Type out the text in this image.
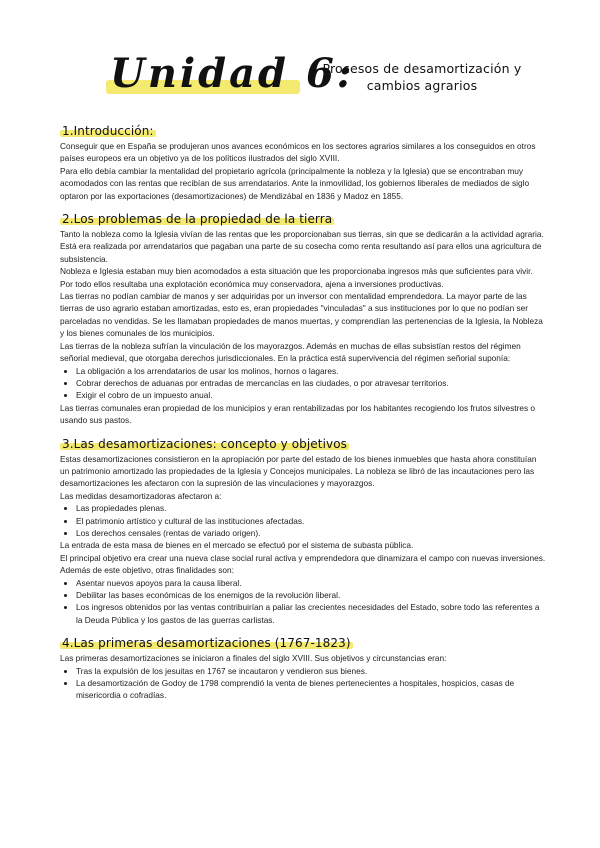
Unidad 6:
Procesos de desamortización y
cambios agrarios
1.Introducción:

Conseguir que en España se produjeran unos avances económicos en los sectores agrarios similares a los conseguidos en otros países europeos era un objetivo ya de los políticos ilustrados del siglo XVIII.

Para ello debía cambiar la mentalidad del propietario agrícola (principalmente la nobleza y la Iglesia) que se encontraban muy acomodados con las rentas que recibían de sus arrendatarios. Ante la inmovilidad, los gobiernos liberales de mediados de siglo optaron por las exportaciones (desamortizaciones) de Mendizábal en 1836 y Madoz en 1855.

2.Los problemas de la propiedad de la tierra

Tanto la nobleza como la Iglesia vivían de las rentas que les proporcionaban sus tierras, sin que se dedicarán a la actividad agraria. Está era realizada por arrendatarios que pagaban una parte de su cosecha como renta resultando así para ellos una agricultura de subsistencia.

Nobleza e Iglesia estaban muy bien acomodados a esta situación que les proporcionaba ingresos más que suficientes para vivir. Por todo ellos resultaba una explotación económica muy conservadora, ajena a inversiones productivas.

Las tierras no podían cambiar de manos y ser adquiridas por un inversor con mentalidad emprendedora. La mayor parte de las tierras de uso agrario estaban amortizadas, esto es, eran propiedades "vinculadas" a sus instituciones por lo que no podían ser parceladas no vendidas. Se les llamaban propiedades de manos muertas, y comprendían las pertenencias de la Iglesia, la Nobleza y los bienes comunales de los municipios.

Las tierras de la nobleza sufrían la vinculación de los mayorazgos. Además en muchas de ellas subsistían restos del régimen señorial medieval, que otorgaba derechos jurisdiccionales. En la práctica está supervivencia del régimen señorial suponía:

• La obligación a los arrendatarios de usar los molinos, hornos o lagares.
• Cobrar derechos de aduanas por entradas de mercancías en las ciudades, o por atravesar territorios.
• Exigir el cobro de un impuesto anual.

Las tierras comunales eran propiedad de los municipios y eran rentabilizadas por los habitantes recogiendo los frutos silvestres o usando sus pastos.

3.Las desamortizaciones: concepto y objetivos

Estas desamortizaciones consistieron en la apropiación por parte del estado de los bienes inmuebles que hasta ahora constituían un patrimonio amortizado las propiedades de la Iglesia y Concejos municipales. La nobleza se libró de las incautaciones pero las desamortizaciones les afectaron con la supresión de las vinculaciones y mayorazgos.

Las medidas desamortizadoras afectaron a:

• Las propiedades plenas.
• El patrimonio artístico y cultural de las instituciones afectadas.
• Los derechos censales (rentas de variado origen).

La entrada de esta masa de bienes en el mercado se efectuó por el sistema de subasta pública.

El principal objetivo era crear una nueva clase social rural activa y emprendedora que dinamizara el campo con nuevas inversiones. Además de este objetivo, otras finalidades son:

• Asentar nuevos apoyos para la causa liberal.
• Debilitar las bases económicas de los enemigos de la revolución liberal.
• Los ingresos obtenidos por las ventas contribuirían a paliar las crecientes necesidades del Estado, sobre todo las referentes a la Deuda Pública y los gastos de las guerras carlistas.
4.Las primeras desamortizaciones (1767-1823)

Las primeras desamortizaciones se iniciaron a finales del siglo XVIII. Sus objetivos y circunstancias eran:

• Tras la expulsión de los jesuitas en 1767 se incautaron y vendieron sus bienes.
• La desamortización de Godoy de 1798 comprendió la venta de bienes pertenecientes a hospitales, hospicios, casas de misericordia o cofradías.
